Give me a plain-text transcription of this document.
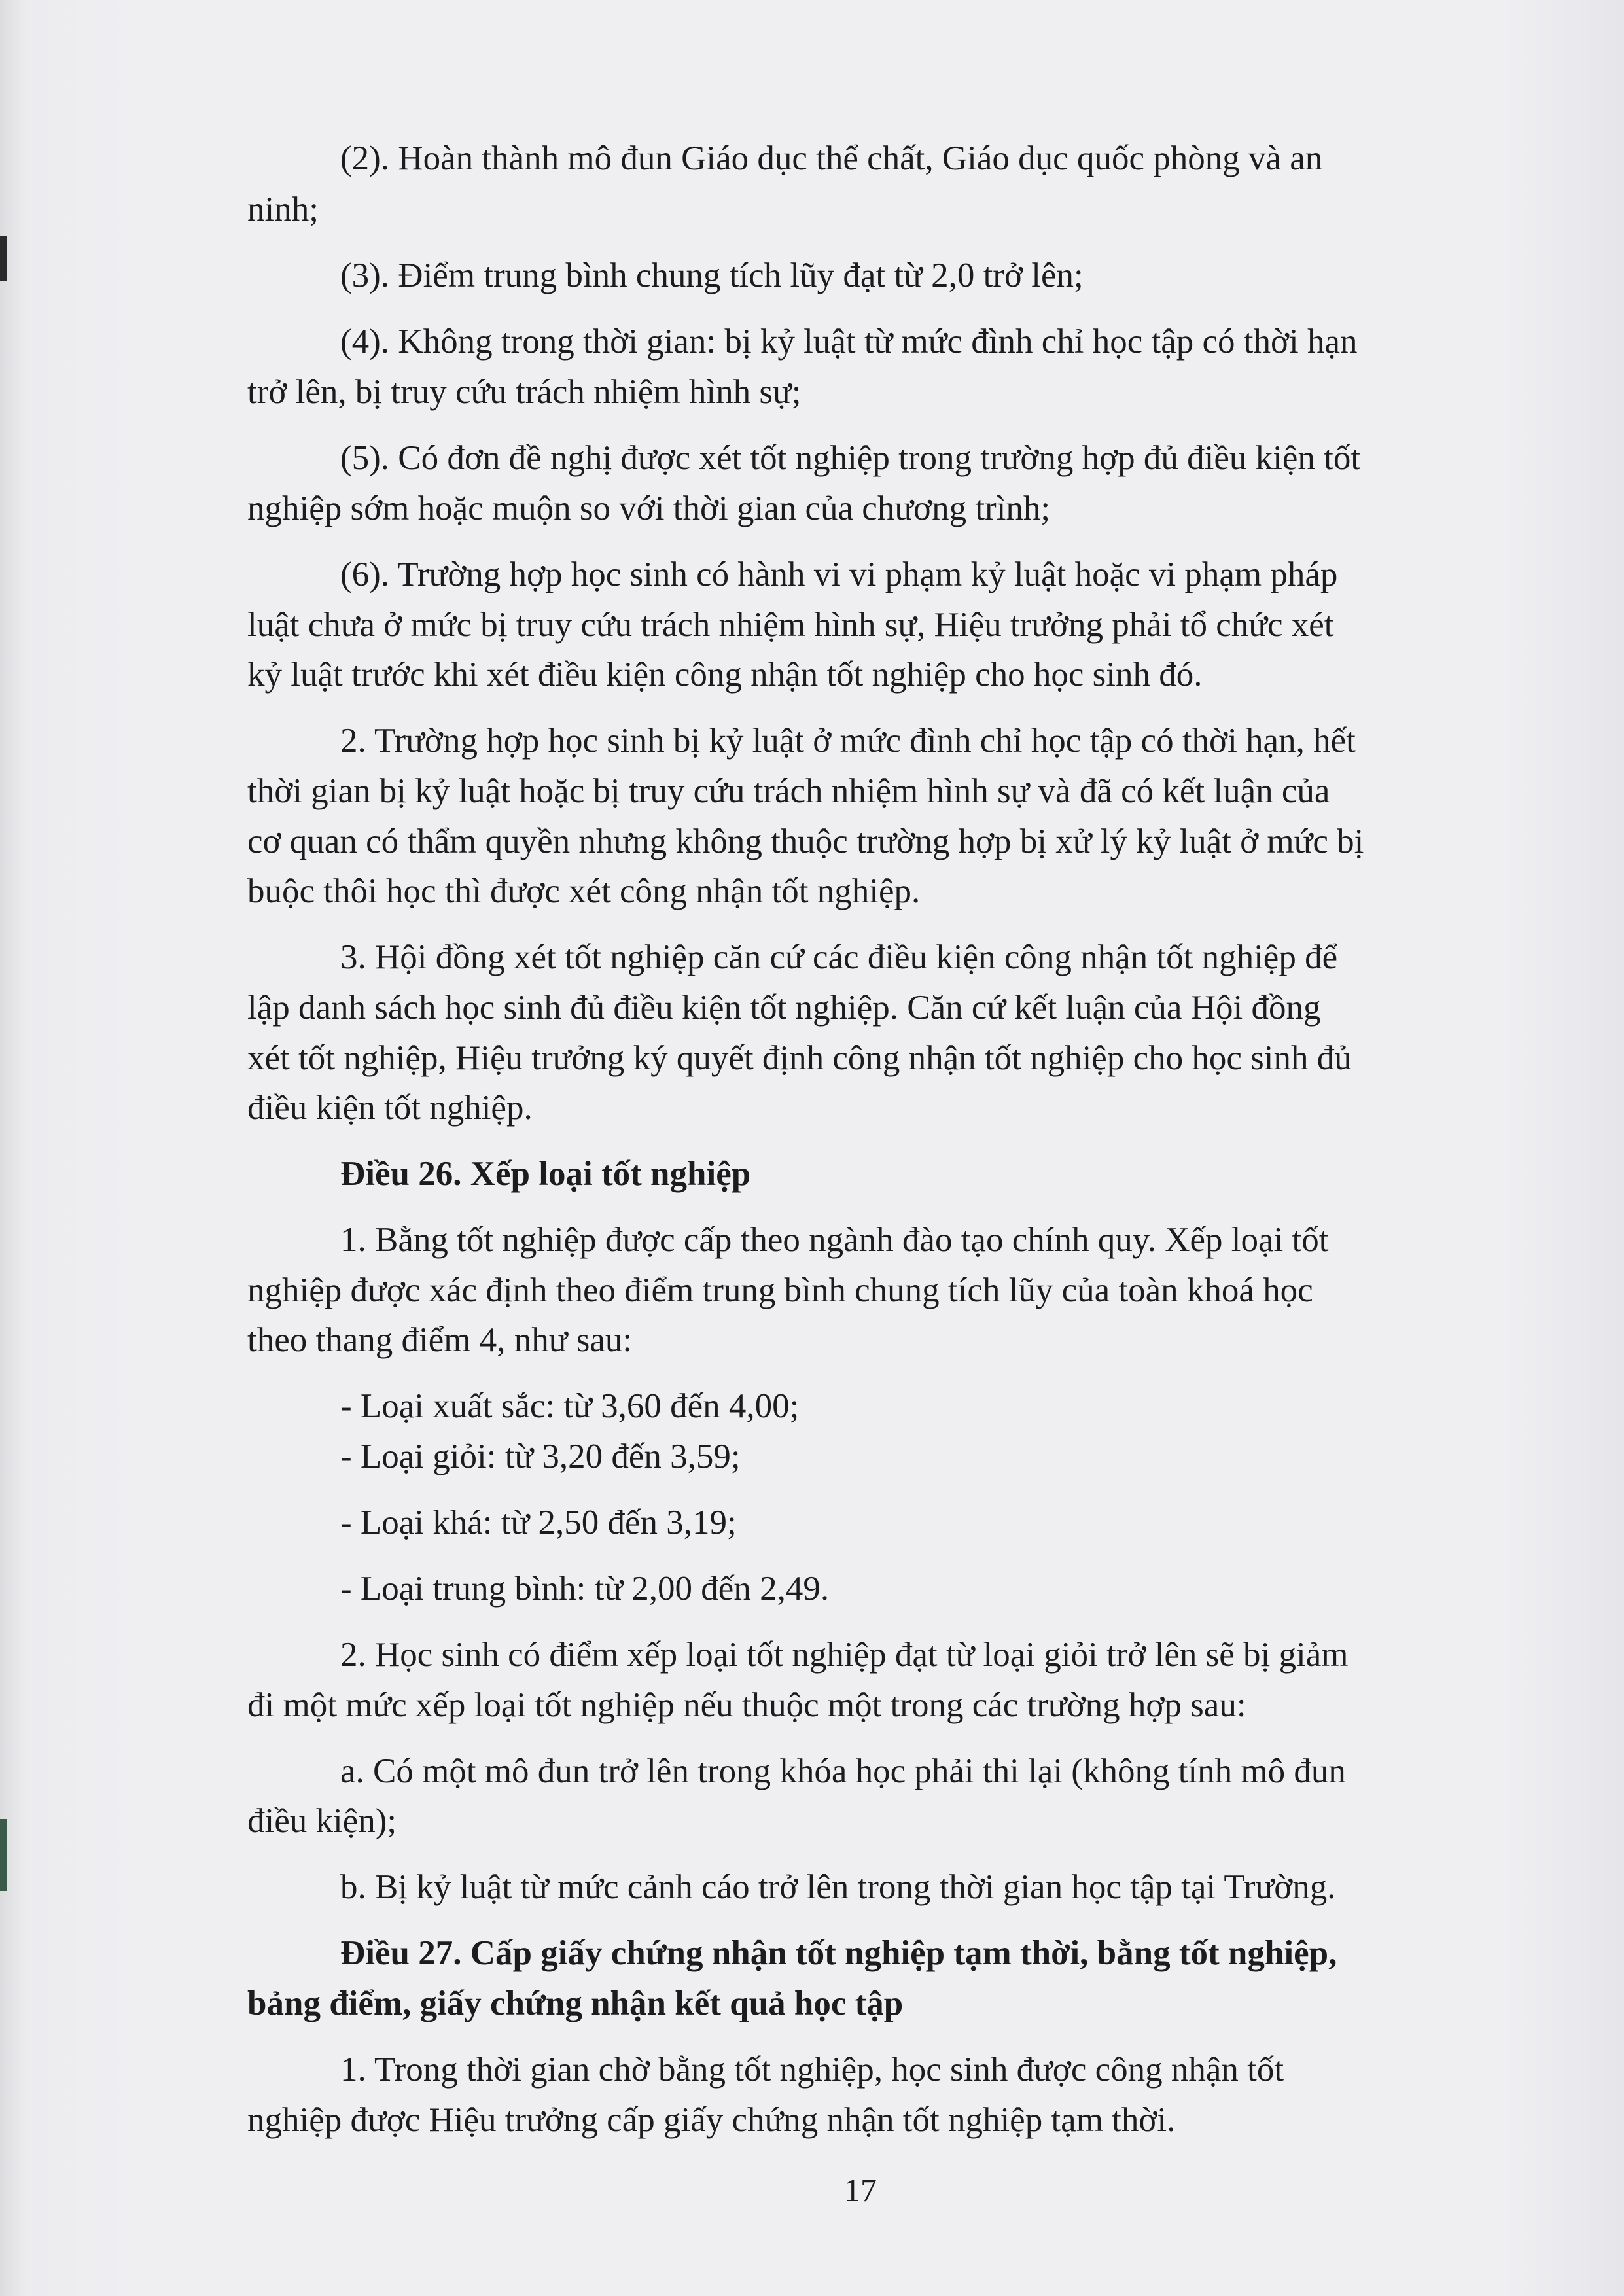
(2). Hoàn thành mô đun Giáo dục thể chất, Giáo dục quốc phòng và an
ninh;
(3). Điểm trung bình chung tích lũy đạt từ 2,0 trở lên;
(4). Không trong thời gian: bị kỷ luật từ mức đình chỉ học tập có thời hạn
trở lên, bị truy cứu trách nhiệm hình sự;
(5). Có đơn đề nghị được xét tốt nghiệp trong trường hợp đủ điều kiện tốt
nghiệp sớm hoặc muộn so với thời gian của chương trình;
(6). Trường hợp học sinh có hành vi vi phạm kỷ luật hoặc vi phạm pháp
luật chưa ở mức bị truy cứu trách nhiệm hình sự, Hiệu trưởng phải tổ chức xét
kỷ luật trước khi xét điều kiện công nhận tốt nghiệp cho học sinh đó.
2. Trường hợp học sinh bị kỷ luật ở mức đình chỉ học tập có thời hạn, hết
thời gian bị kỷ luật hoặc bị truy cứu trách nhiệm hình sự và đã có kết luận của
cơ quan có thẩm quyền nhưng không thuộc trường hợp bị xử lý kỷ luật ở mức bị
buộc thôi học thì được xét công nhận tốt nghiệp.
3. Hội đồng xét tốt nghiệp căn cứ các điều kiện công nhận tốt nghiệp để
lập danh sách học sinh đủ điều kiện tốt nghiệp. Căn cứ kết luận của Hội đồng
xét tốt nghiệp, Hiệu trưởng ký quyết định công nhận tốt nghiệp cho học sinh đủ
điều kiện tốt nghiệp.
Điều 26. Xếp loại tốt nghiệp
1. Bằng tốt nghiệp được cấp theo ngành đào tạo chính quy. Xếp loại tốt
nghiệp được xác định theo điểm trung bình chung tích lũy của toàn khoá học
theo thang điểm 4, như sau:
- Loại xuất sắc: từ 3,60 đến 4,00;
- Loại giỏi: từ 3,20 đến 3,59;
- Loại khá: từ 2,50 đến 3,19;
- Loại trung bình: từ 2,00 đến 2,49.
2. Học sinh có điểm xếp loại tốt nghiệp đạt từ loại giỏi trở lên sẽ bị giảm
đi một mức xếp loại tốt nghiệp nếu thuộc một trong các trường hợp sau:
a. Có một mô đun trở lên trong khóa học phải thi lại (không tính mô đun
điều kiện);
b. Bị kỷ luật từ mức cảnh cáo trở lên trong thời gian học tập tại Trường.
Điều 27. Cấp giấy chứng nhận tốt nghiệp tạm thời, bằng tốt nghiệp,
bảng điểm, giấy chứng nhận kết quả học tập
1. Trong thời gian chờ bằng tốt nghiệp, học sinh được công nhận tốt
nghiệp được Hiệu trưởng cấp giấy chứng nhận tốt nghiệp tạm thời.
17
